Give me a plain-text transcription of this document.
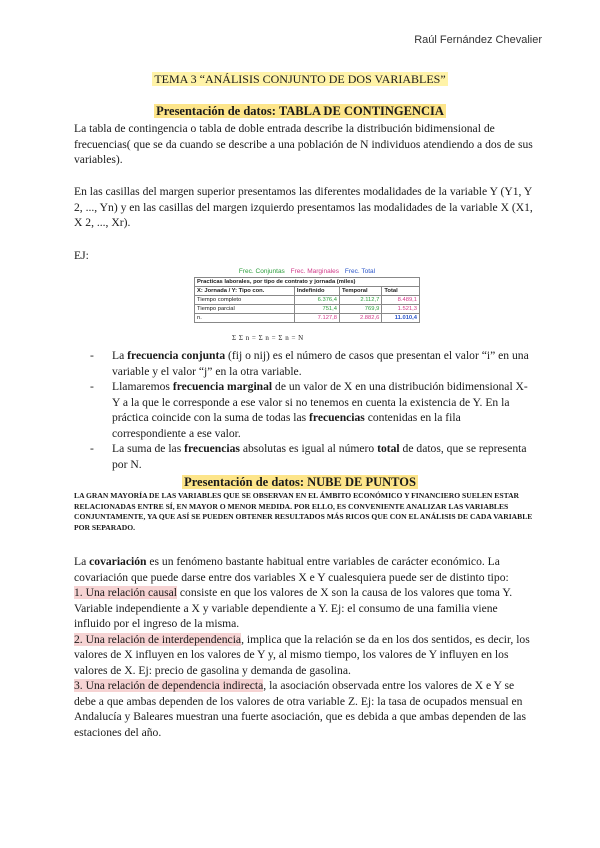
Raúl Fernández Chevalier
TEMA 3 “ANÁLISIS CONJUNTO DE DOS VARIABLES”
Presentación de datos: TABLA DE CONTINGENCIA
La tabla de contingencia o tabla de doble entrada describe la distribución bidimensional de frecuencias( que se da cuando se describe a una población de N individuos atendiendo a dos de sus variables).
En las casillas del margen superior presentamos las diferentes modalidades de la variable Y (Y1, Y 2, ..., Yn) y en las casillas del margen izquierdo presentamos las modalidades de la variable X (X1, X 2, ..., Xr).
EJ:
Frec. Conjuntas Frec. Marginales Frec. Total
Practicas laborales, por tipo de contrato y jornada (miles)			
X: Jornada / Y: Tipo con.	Indefinido	Temporal	Total
Tiempo completo	6.376,4	2.112,7	8.489,1
Tiempo parcial	751,4	769,9	1.521,3
n.	7.127,8	2.882,6	11.010,4
Σ Σ n = Σ n = Σ n = N
- La frecuencia conjunta (fij o nij) es el número de casos que presentan el valor “i” en una variable y el valor “j” en la otra variable.
- Llamaremos frecuencia marginal de un valor de X en una distribución bidimensional X-Y a la que le corresponde a ese valor si no tenemos en cuenta la existencia de Y. En la práctica coincide con la suma de todas las frecuencias contenidas en la fila correspondiente a ese valor.
- La suma de las frecuencias absolutas es igual al número total de datos, que se representa por N.
Presentación de datos: NUBE DE PUNTOS
LA GRAN MAYORÍA DE LAS VARIABLES QUE SE OBSERVAN EN EL ÁMBITO ECONÓMICO Y FINANCIERO SUELEN ESTAR RELACIONADAS ENTRE SÍ, EN MAYOR O MENOR MEDIDA. POR ELLO, ES CONVENIENTE ANALIZAR LAS VARIABLES CONJUNTAMENTE, YA QUE ASÍ SE PUEDEN OBTENER RESULTADOS MÁS RICOS QUE CON EL ANÁLISIS DE CADA VARIABLE POR SEPARADO.
La covariación es un fenómeno bastante habitual entre variables de carácter económico. La covariación que puede darse entre dos variables X e Y cualesquiera puede ser de distinto tipo:
1. Una relación causal consiste en que los valores de X son la causa de los valores que toma Y. Variable independiente a X y variable dependiente a Y. Ej: el consumo de una familia viene influido por el ingreso de la misma.
2. Una relación de interdependencia, implica que la relación se da en los dos sentidos, es decir, los valores de X influyen en los valores de Y y, al mismo tiempo, los valores de Y influyen en los valores de X. Ej: precio de gasolina y demanda de gasolina.
3. Una relación de dependencia indirecta, la asociación observada entre los valores de X e Y se debe a que ambas dependen de los valores de otra variable Z. Ej: la tasa de ocupados mensual en Andalucía y Baleares muestran una fuerte asociación, que es debida a que ambas dependen de las estaciones del año.
